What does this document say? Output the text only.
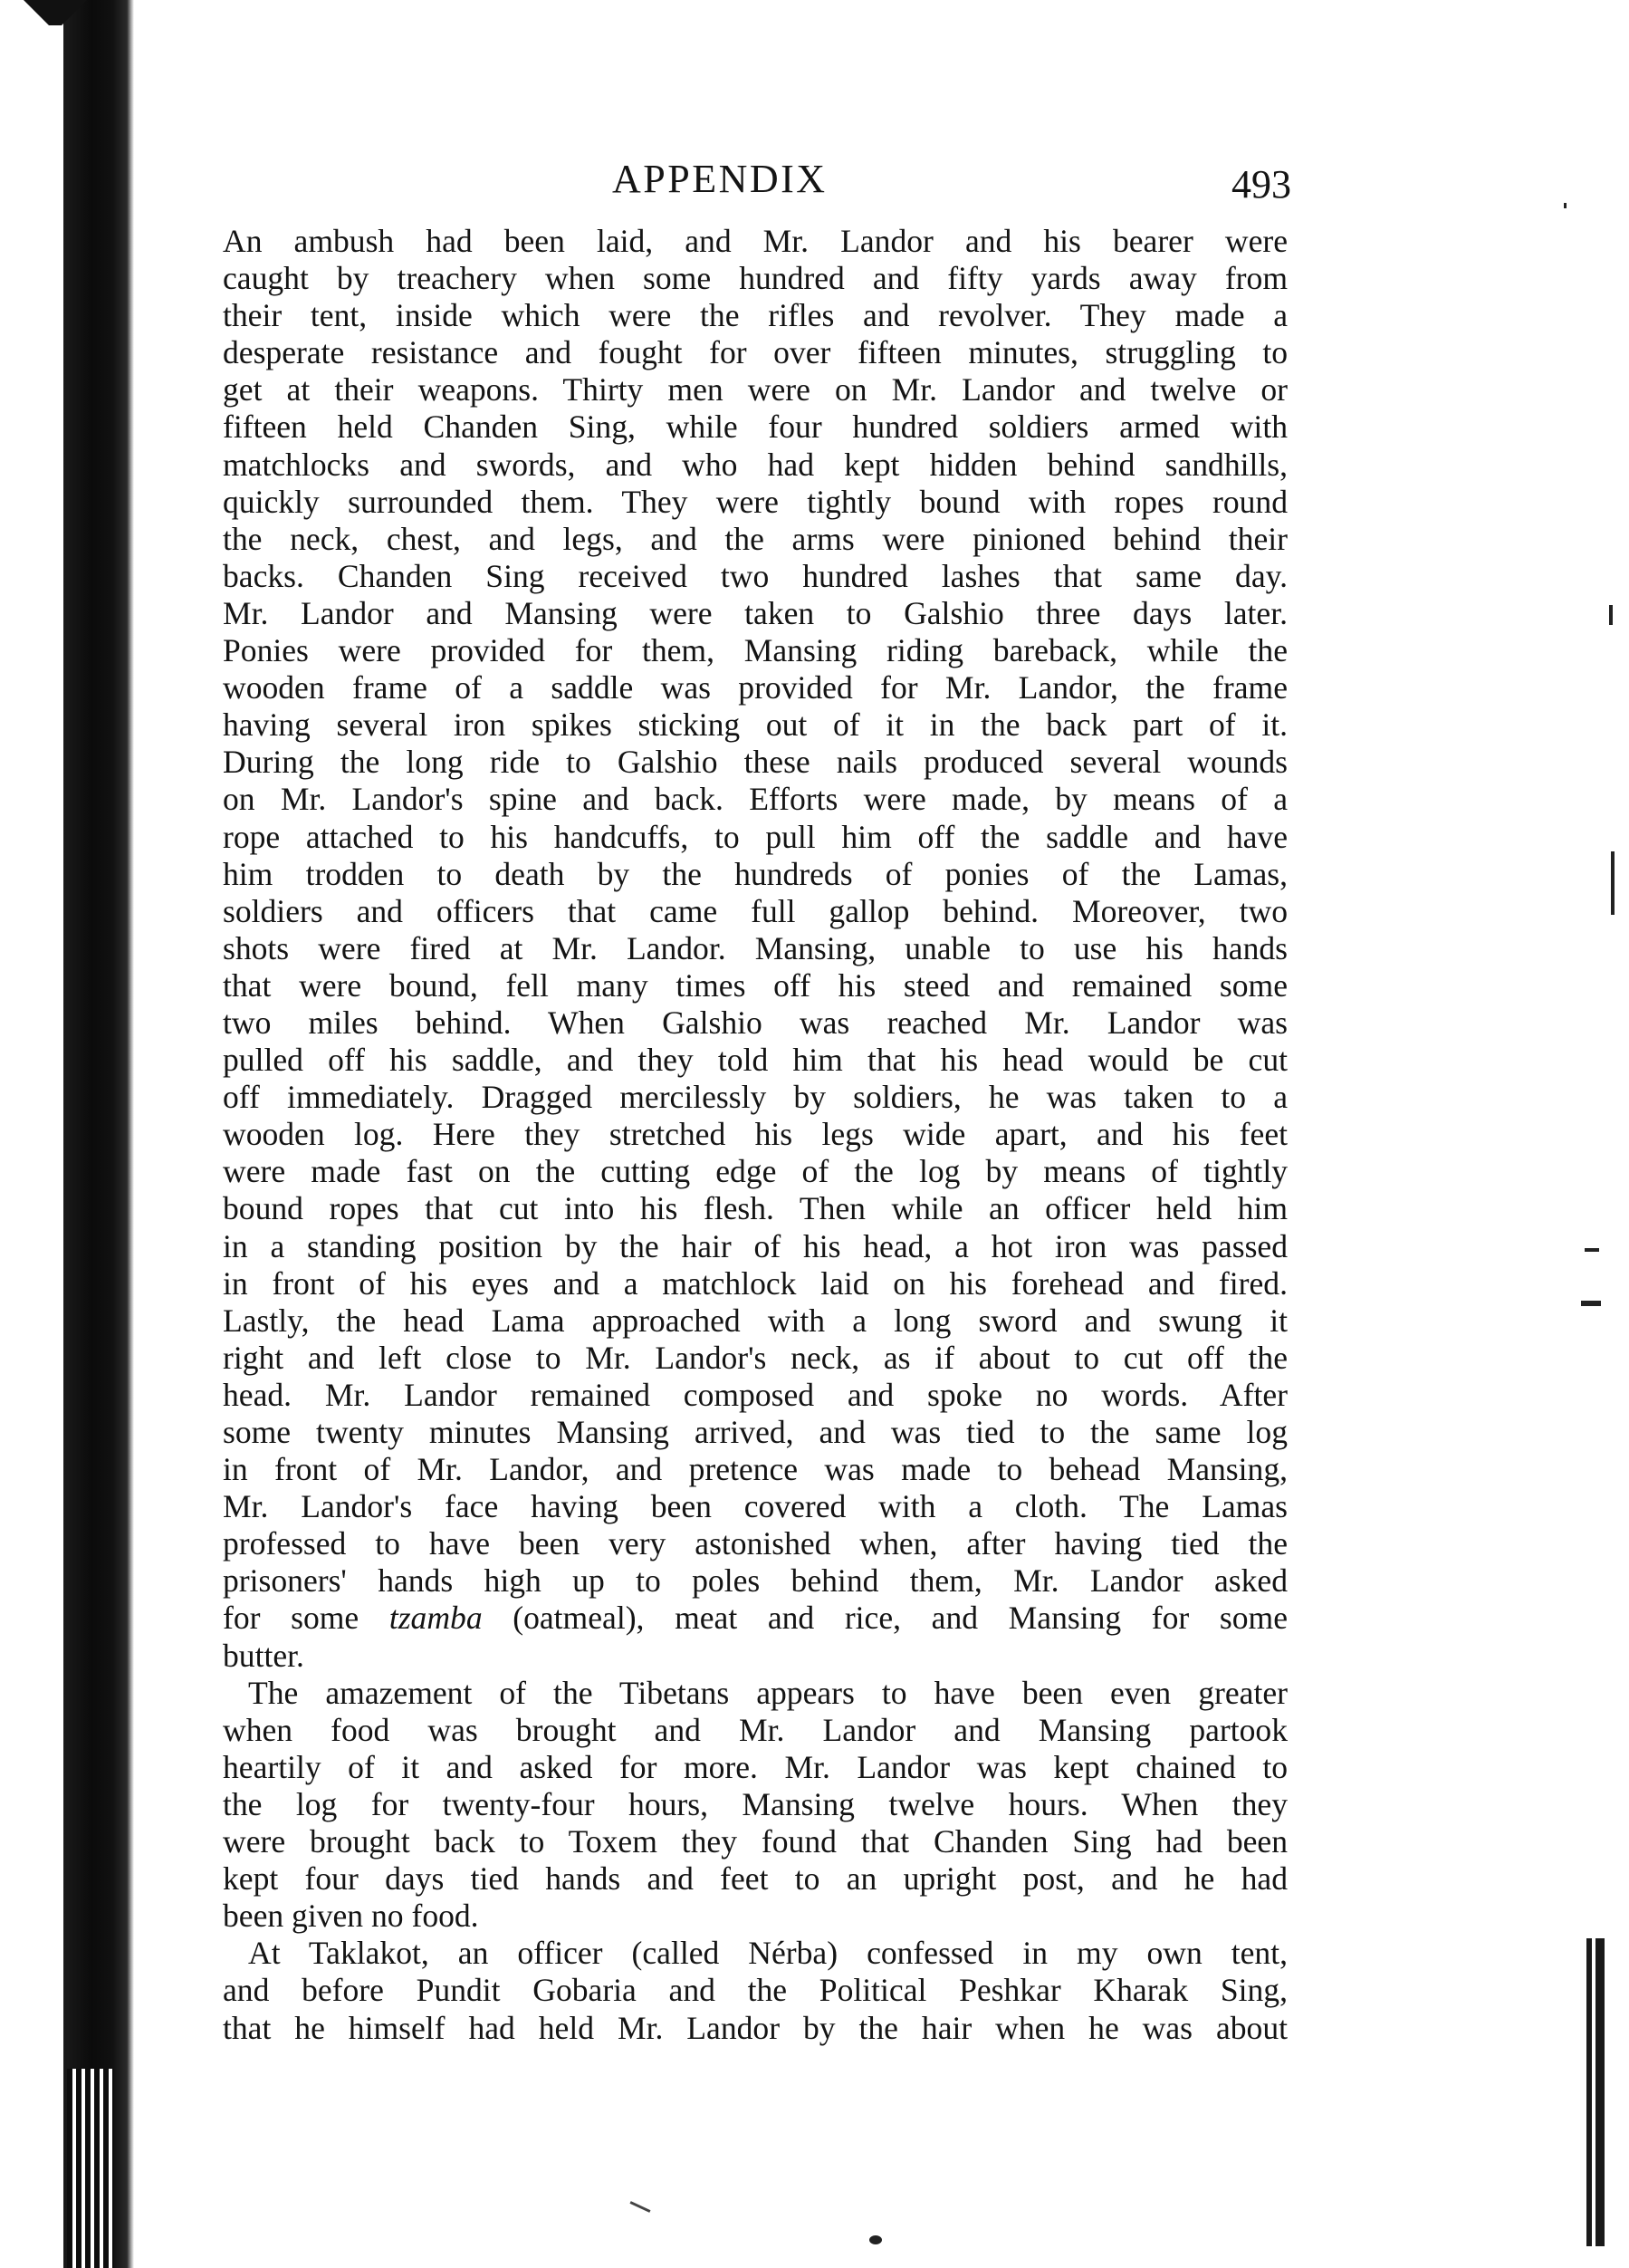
APPENDIX	493
An ambush had been laid, and Mr. Landor and his bearer were
caught by treachery when some hundred and fifty yards away from
their tent, inside which were the rifles and revolver. They made a
desperate resistance and fought for over fifteen minutes, struggling to
get at their weapons. Thirty men were on Mr. Landor and twelve or
fifteen held Chanden Sing, while four hundred soldiers armed with
matchlocks and swords, and who had kept hidden behind sandhills,
quickly surrounded them. They were tightly bound with ropes round
the neck, chest, and legs, and the arms were pinioned behind their
backs. Chanden Sing received two hundred lashes that same day.
Mr. Landor and Mansing were taken to Galshio three days later.
Ponies were provided for them, Mansing riding bareback, while the
wooden frame of a saddle was provided for Mr. Landor, the frame
having several iron spikes sticking out of it in the back part of it.
During the long ride to Galshio these nails produced several wounds
on Mr. Landor's spine and back. Efforts were made, by means of a
rope attached to his handcuffs, to pull him off the saddle and have
him trodden to death by the hundreds of ponies of the Lamas,
soldiers and officers that came full gallop behind. Moreover, two
shots were fired at Mr. Landor. Mansing, unable to use his hands
that were bound, fell many times off his steed and remained some
two miles behind. When Galshio was reached Mr. Landor was
pulled off his saddle, and they told him that his head would be cut
off immediately. Dragged mercilessly by soldiers, he was taken to a
wooden log. Here they stretched his legs wide apart, and his feet
were made fast on the cutting edge of the log by means of tightly
bound ropes that cut into his flesh. Then while an officer held him
in a standing position by the hair of his head, a hot iron was passed
in front of his eyes and a matchlock laid on his forehead and fired.
Lastly, the head Lama approached with a long sword and swung it
right and left close to Mr. Landor's neck, as if about to cut off the
head. Mr. Landor remained composed and spoke no words. After
some twenty minutes Mansing arrived, and was tied to the same log
in front of Mr. Landor, and pretence was made to behead Mansing,
Mr. Landor's face having been covered with a cloth. The Lamas
professed to have been very astonished when, after having tied the
prisoners' hands high up to poles behind them, Mr. Landor asked
for some tzamba (oatmeal), meat and rice, and Mansing for some
butter.
The amazement of the Tibetans appears to have been even greater
when food was brought and Mr. Landor and Mansing partook
heartily of it and asked for more. Mr. Landor was kept chained to
the log for twenty-four hours, Mansing twelve hours. When they
were brought back to Toxem they found that Chanden Sing had been
kept four days tied hands and feet to an upright post, and he had
been given no food.
At Taklakot, an officer (called Nérba) confessed in my own tent,
and before Pundit Gobaria and the Political Peshkar Kharak Sing,
that he himself had held Mr. Landor by the hair when he was about
